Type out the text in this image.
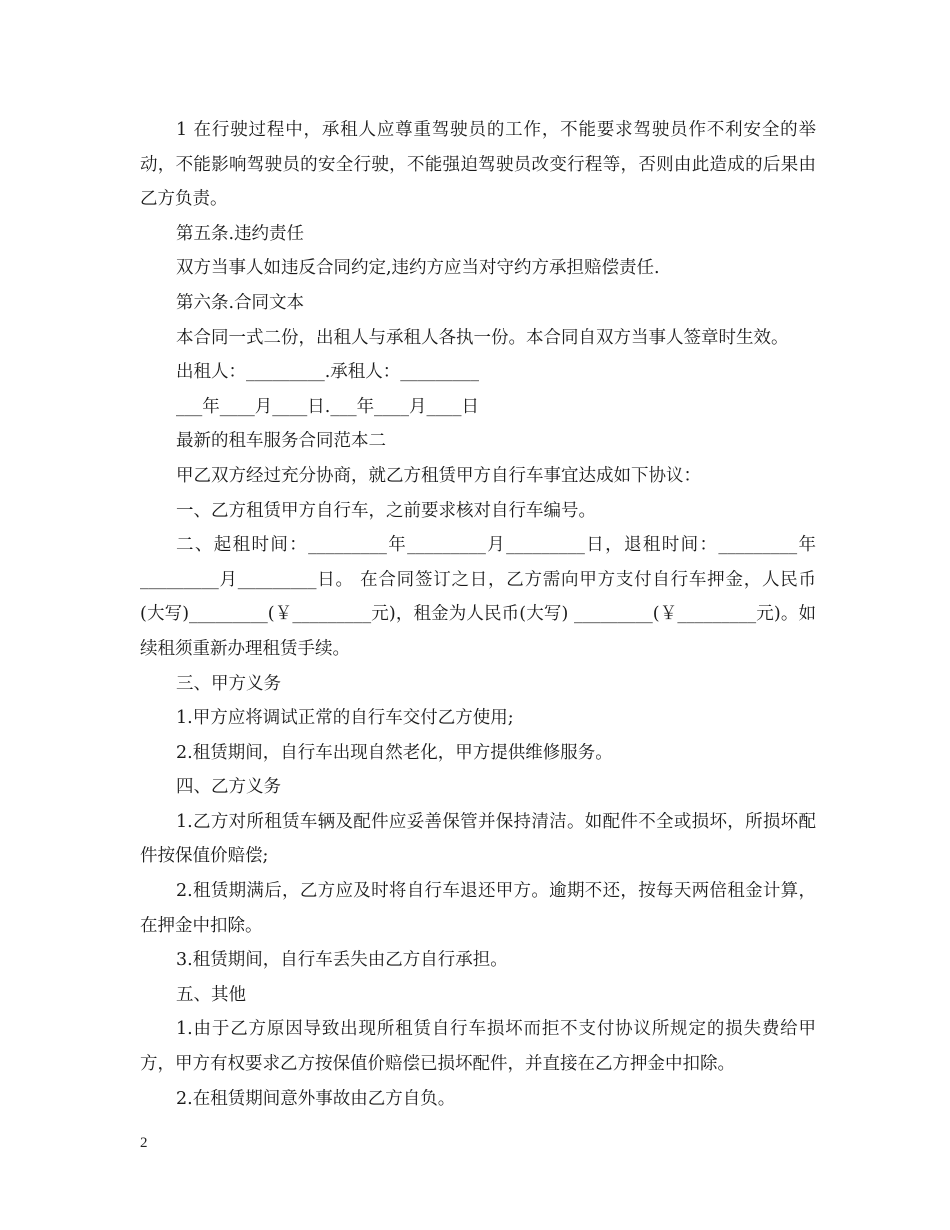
1 在行驶过程中，承租人应尊重驾驶员的工作，不能要求驾驶员作不利安全的举动，不能影响驾驶员的安全行驶，不能强迫驾驶员改变行程等，否则由此造成的后果由乙方负责。

第五条.违约责任

双方当事人如违反合同约定,违约方应当对守约方承担赔偿责任.

第六条.合同文本

本合同一式二份，出租人与承租人各执一份。本合同自双方当事人签章时生效。

出租人：_________.承租人：_________

___年____月____日.___年____月____日

最新的租车服务合同范本二

甲乙双方经过充分协商，就乙方租赁甲方自行车事宜达成如下协议：

一、乙方租赁甲方自行车，之前要求核对自行车编号。

二、起租时间：_________年_________月_________日，退租时间：_________年_________月_________日。 在合同签订之日，乙方需向甲方支付自行车押金，人民币(大写)_________(￥_________元)，租金为人民币(大写) _________(￥_________元)。如续租须重新办理租赁手续。

三、甲方义务

1.甲方应将调试正常的自行车交付乙方使用;

2.租赁期间，自行车出现自然老化，甲方提供维修服务。

四、乙方义务

1.乙方对所租赁车辆及配件应妥善保管并保持清洁。如配件不全或损坏，所损坏配件按保值价赔偿;

2.租赁期满后，乙方应及时将自行车退还甲方。逾期不还，按每天两倍租金计算，在押金中扣除。

3.租赁期间，自行车丢失由乙方自行承担。

五、其他

1.由于乙方原因导致出现所租赁自行车损坏而拒不支付协议所规定的损失费给甲方，甲方有权要求乙方按保值价赔偿已损坏配件，并直接在乙方押金中扣除。

2.在租赁期间意外事故由乙方自负。

2
